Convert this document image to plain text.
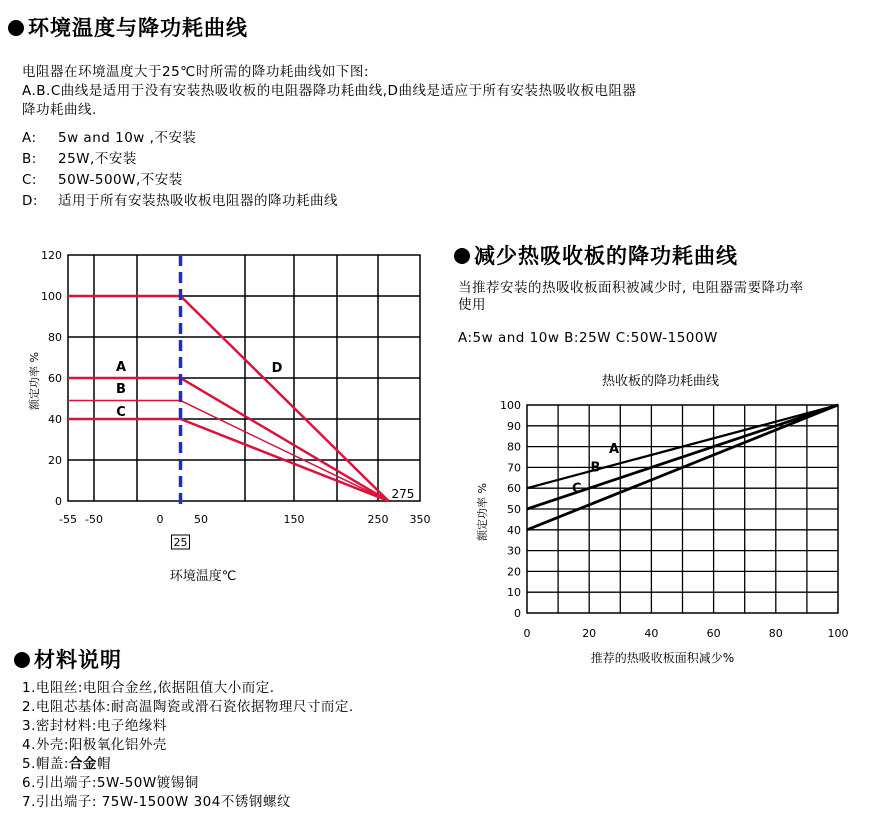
环境温度与降功耗曲线
电阻器在环境温度大于25℃时所需的降功耗曲线如下图:
A.B.C曲线是适用于没有安装热吸收板的电阻器降功耗曲线,D曲线是适应于所有安装热吸收板电阻器
降功耗曲线.
A: 5w and 10w ,不安装
B: 25W,不安装
C: 50W-500W,不安装
D: 适用于所有安装热吸收板电阻器的降功耗曲线
0
20
40
60
80
100
120
-55 -50	0	50	150	250 350
D
A
B
C
25
275
环境温度℃
额定功率 %
减少热吸收板的降功耗曲线
当推荐安装的热吸收板面积被减少时, 电阻器需要降功率
使用
A:5w and 10w B:25W C:50W-1500W
热收板的降功耗曲线
0
10
20
30
40
50
60
70
80
90
100
0	20	40	60	80	100
A
B
C
推荐的热吸收板面积减少%
额定功率 %
材料说明
1.电阻丝:电阻合金丝,依据阻值大小而定.
2.电阻芯基体:耐高温陶瓷或滑石瓷依据物理尺寸而定.
3.密封材料:电子绝缘料
4.外壳:阳极氧化铝外壳
5.帽盖:合金帽
6.引出端子:5W-50W镀锡铜
7.引出端子: 75W-1500W 304不锈钢螺纹
